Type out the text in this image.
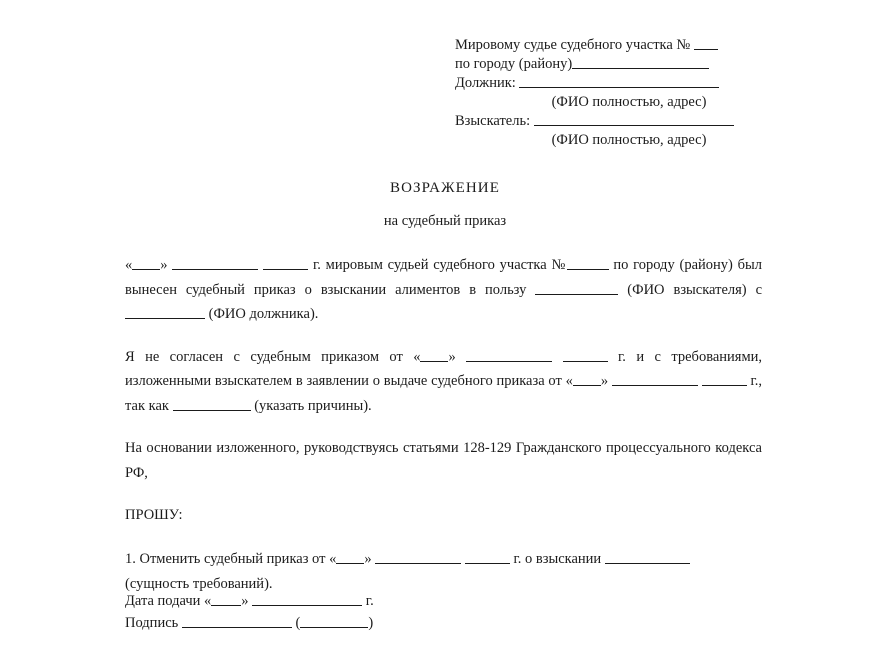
Мировому судье судебного участка №
по городу (району)
Должник:
(ФИО полностью, адрес)
Взыскатель:
(ФИО полностью, адрес)
ВОЗРАЖЕНИЕ
на судебный приказ

« »	г. мировым судьей судебного участка №	по городу (району) был вынесен судебный приказ о взыскании алиментов в пользу	(ФИО взыскателя) с  (ФИО должника).

Я не согласен с судебным приказом от « »	г. и с требованиями, изложенными взыскателем в заявлении о выдаче судебного приказа от « »	г., так как	(указать причины).

На основании изложенного, руководствуясь статьями 128-129 Гражданского процессуального кодекса РФ,

ПРОШУ:

1. Отменить судебный приказ от « »	г. о взыскании
(сущность требований).

Дата подачи « »	г.
Подпись	(	)
